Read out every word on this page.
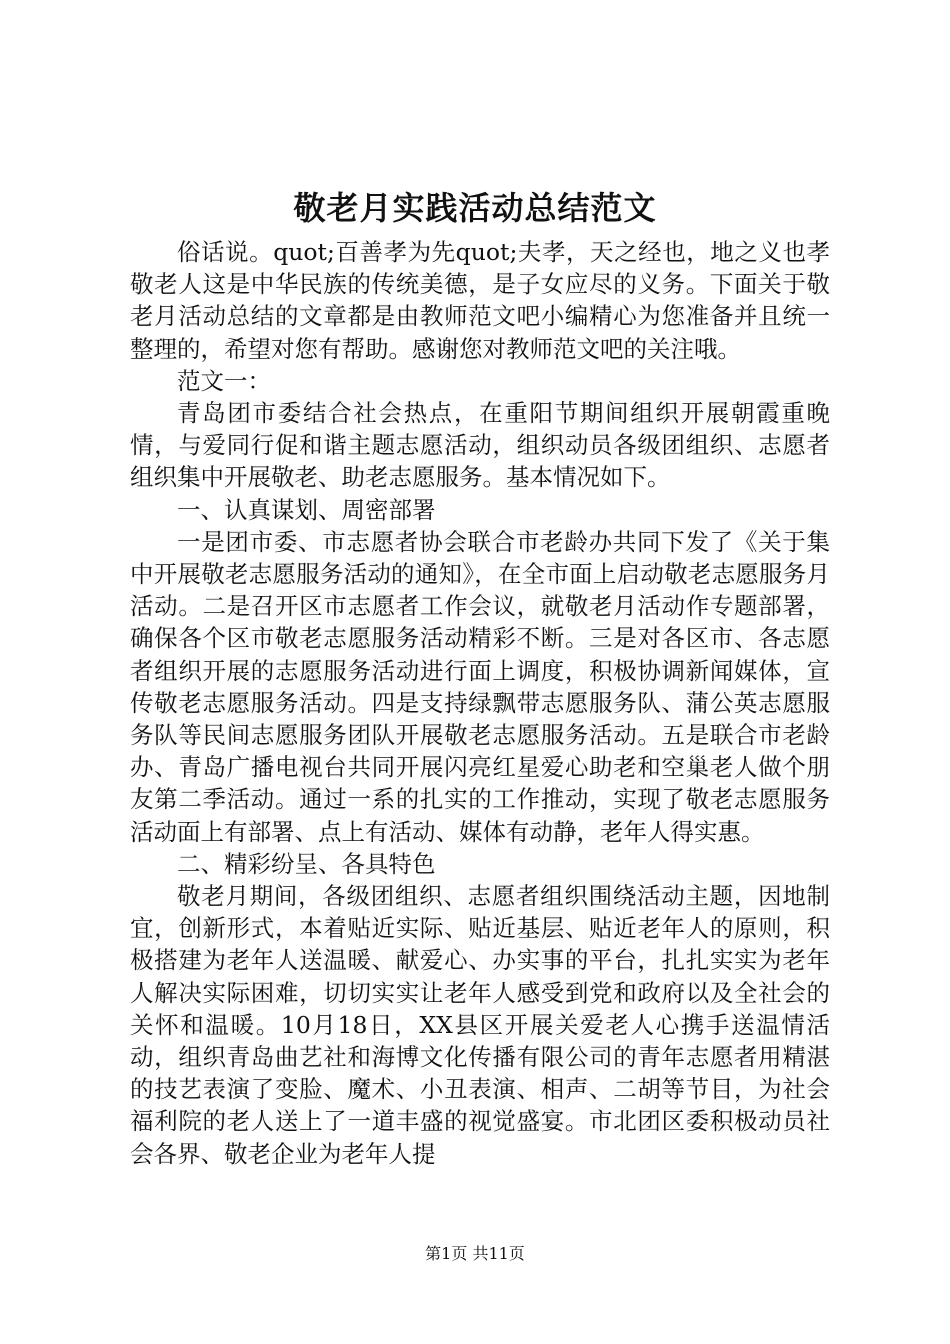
敬老月实践活动总结范文

俗话说。quot;百善孝为先quot;夫孝，天之经也，地之义也孝敬老人这是中华民族的传统美德，是子女应尽的义务。下面关于敬老月活动总结的文章都是由教师范文吧小编精心为您准备并且统一整理的，希望对您有帮助。感谢您对教师范文吧的关注哦。

范文一：

青岛团市委结合社会热点，在重阳节期间组织开展朝霞重晚情，与爱同行促和谐主题志愿活动，组织动员各级团组织、志愿者组织集中开展敬老、助老志愿服务。基本情况如下。

一、认真谋划、周密部署

一是团市委、市志愿者协会联合市老龄办共同下发了《关于集中开展敬老志愿服务活动的通知》，在全市面上启动敬老志愿服务月活动。二是召开区市志愿者工作会议，就敬老月活动作专题部署，确保各个区市敬老志愿服务活动精彩不断。三是对各区市、各志愿者组织开展的志愿服务活动进行面上调度，积极协调新闻媒体，宣传敬老志愿服务活动。四是支持绿飘带志愿服务队、蒲公英志愿服务队等民间志愿服务团队开展敬老志愿服务活动。五是联合市老龄办、青岛广播电视台共同开展闪亮红星爱心助老和空巢老人做个朋友第二季活动。通过一系的扎实的工作推动，实现了敬老志愿服务活动面上有部署、点上有活动、媒体有动静，老年人得实惠。

二、精彩纷呈、各具特色

敬老月期间，各级团组织、志愿者组织围绕活动主题，因地制宜，创新形式，本着贴近实际、贴近基层、贴近老年人的原则，积极搭建为老年人送温暖、献爱心、办实事的平台，扎扎实实为老年人解决实际困难，切切实实让老年人感受到党和政府以及全社会的关怀和温暖。10月18日，XX县区开展关爱老人心携手送温情活动，组织青岛曲艺社和海博文化传播有限公司的青年志愿者用精湛的技艺表演了变脸、魔术、小丑表演、相声、二胡等节目，为社会福利院的老人送上了一道丰盛的视觉盛宴。市北团区委积极动员社会各界、敬老企业为老年人提

第1页 共11页
